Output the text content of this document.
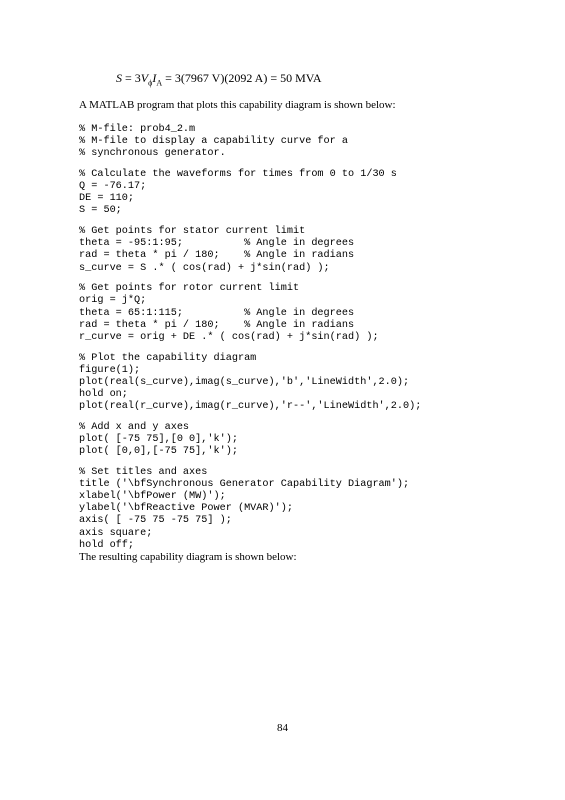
$S = 3V_\phi I_A = 3(7967$ V)(2092 A) = 50 MVA
A MATLAB program that plots this capability diagram is shown below:
% M-file: prob4_2.m
% M-file to display a capability curve for a
% synchronous generator.
% Calculate the waveforms for times from 0 to 1/30 s
Q = -76.17;
DE = 110;
S = 50;
% Get points for stator current limit
theta = -95:1:95;          % Angle in degrees
rad = theta * pi / 180;    % Angle in radians
s_curve = S .* ( cos(rad) + j*sin(rad) );
% Get points for rotor current limit
orig = j*Q;
theta = 65:1:115;          % Angle in degrees
rad = theta * pi / 180;    % Angle in radians
r_curve = orig + DE .* ( cos(rad) + j*sin(rad) );
% Plot the capability diagram
figure(1);
plot(real(s_curve),imag(s_curve),'b','LineWidth',2.0);
hold on;
plot(real(r_curve),imag(r_curve),'r--','LineWidth',2.0);
% Add x and y axes
plot( [-75 75],[0 0],'k');
plot( [0,0],[-75 75],'k');
% Set titles and axes
title ('\bfSynchronous Generator Capability Diagram');
xlabel('\bfPower (MW)');
ylabel('\bfReactive Power (MVAR)');
axis( [ -75 75 -75 75] );
axis square;
hold off;
The resulting capability diagram is shown below:
84
